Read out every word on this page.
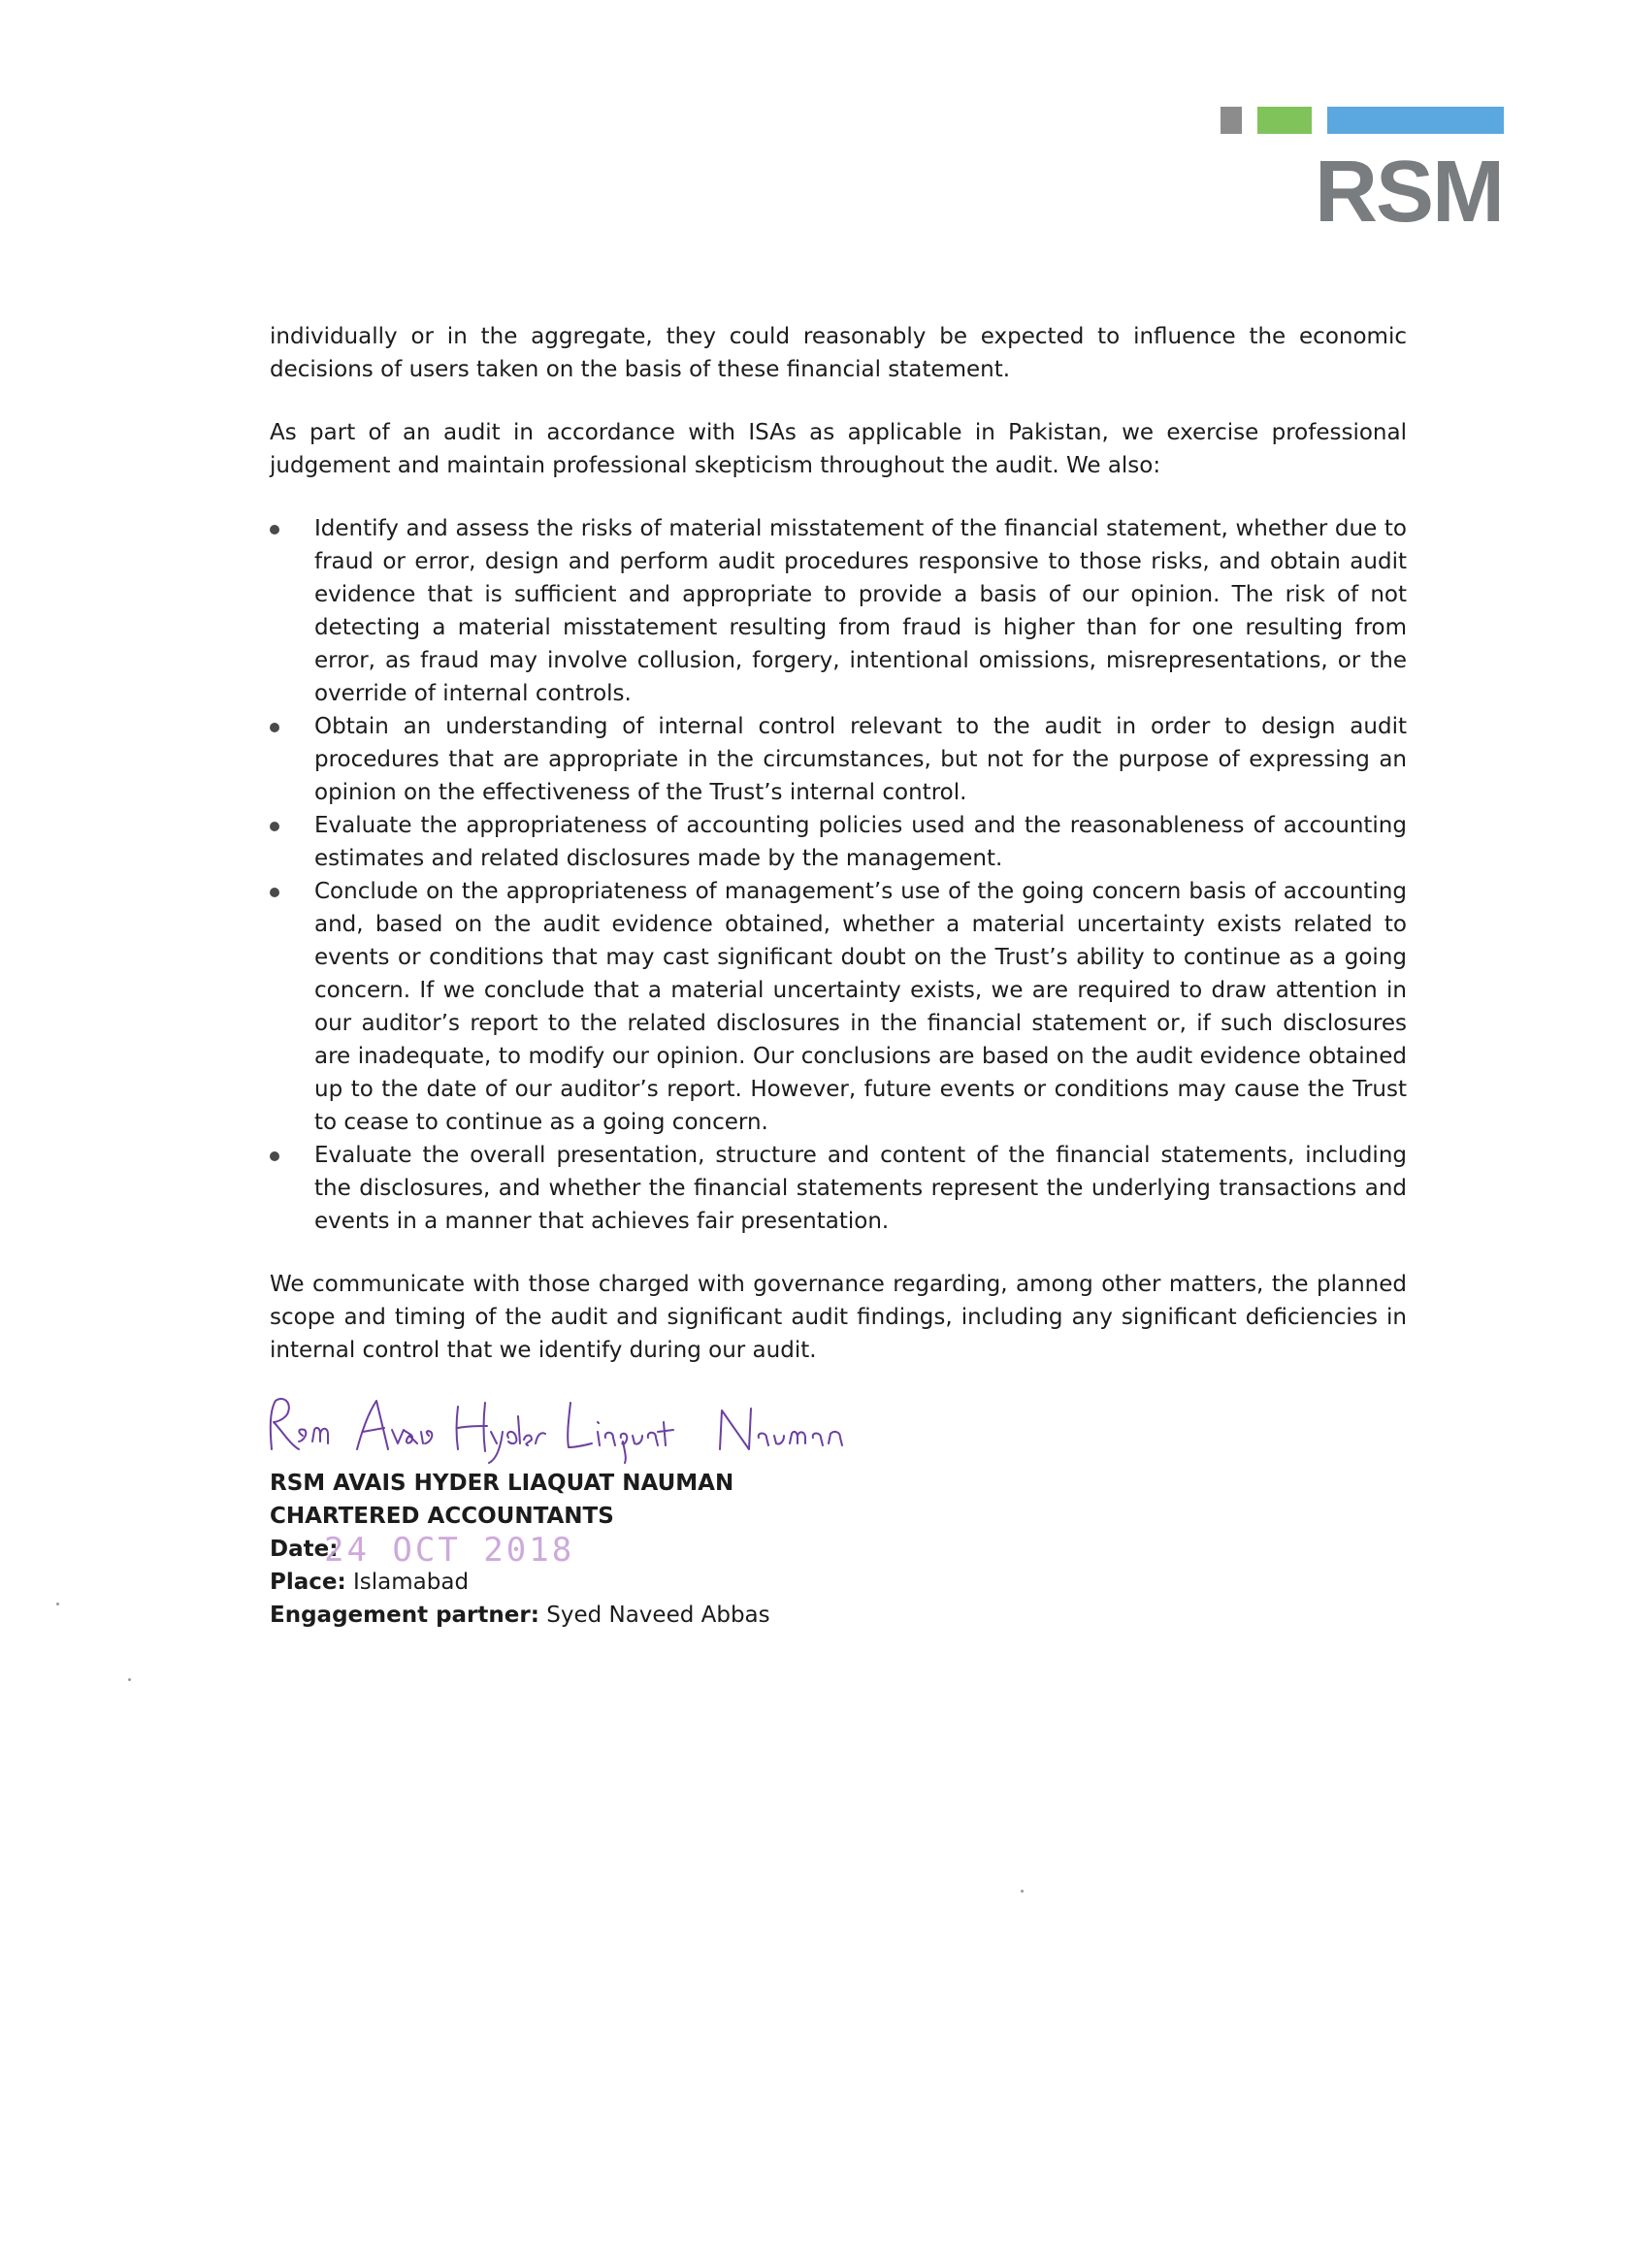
RSM

individually or in the aggregate, they could reasonably be expected to influence the economic decisions of users taken on the basis of these financial statement.

As part of an audit in accordance with ISAs as applicable in Pakistan, we exercise professional judgement and maintain professional skepticism throughout the audit. We also:

Identify and assess the risks of material misstatement of the financial statement, whether due to fraud or error, design and perform audit procedures responsive to those risks, and obtain audit evidence that is sufficient and appropriate to provide a basis of our opinion. The risk of not detecting a material misstatement resulting from fraud is higher than for one resulting from error, as fraud may involve collusion, forgery, intentional omissions, misrepresentations, or the override of internal controls.
Obtain an understanding of internal control relevant to the audit in order to design audit procedures that are appropriate in the circumstances, but not for the purpose of expressing an opinion on the effectiveness of the Trust’s internal control.
Evaluate the appropriateness of accounting policies used and the reasonableness of accounting estimates and related disclosures made by the management.
Conclude on the appropriateness of management’s use of the going concern basis of accounting and, based on the audit evidence obtained, whether a material uncertainty exists related to events or conditions that may cast significant doubt on the Trust’s ability to continue as a going concern. If we conclude that a material uncertainty exists, we are required to draw attention in our auditor’s report to the related disclosures in the financial statement or, if such disclosures are inadequate, to modify our opinion. Our conclusions are based on the audit evidence obtained up to the date of our auditor’s report. However, future events or conditions may cause the Trust to cease to continue as a going concern.
Evaluate the overall presentation, structure and content of the financial statements, including the disclosures, and whether the financial statements represent the underlying transactions and events in a manner that achieves fair presentation.

We communicate with those charged with governance regarding, among other matters, the planned scope and timing of the audit and significant audit findings, including any significant deficiencies in internal control that we identify during our audit.

RSM AVAIS HYDER LIAQUAT NAUMAN
CHARTERED ACCOUNTANTS
Date:
Place: Islamabad
Engagement partner: Syed Naveed Abbas
24 OCT 2018
